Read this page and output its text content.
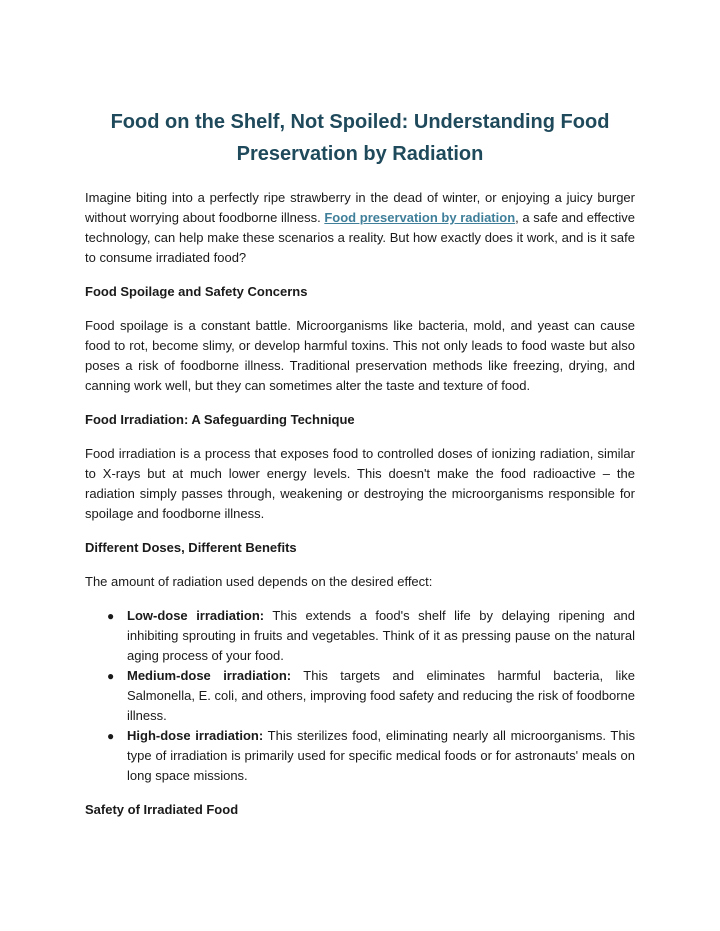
Food on the Shelf, Not Spoiled: Understanding Food Preservation by Radiation

Imagine biting into a perfectly ripe strawberry in the dead of winter, or enjoying a juicy burger without worrying about foodborne illness. Food preservation by radiation, a safe and effective technology, can help make these scenarios a reality. But how exactly does it work, and is it safe to consume irradiated food?

Food Spoilage and Safety Concerns

Food spoilage is a constant battle. Microorganisms like bacteria, mold, and yeast can cause food to rot, become slimy, or develop harmful toxins. This not only leads to food waste but also poses a risk of foodborne illness. Traditional preservation methods like freezing, drying, and canning work well, but they can sometimes alter the taste and texture of food.

Food Irradiation: A Safeguarding Technique

Food irradiation is a process that exposes food to controlled doses of ionizing radiation, similar to X-rays but at much lower energy levels. This doesn't make the food radioactive – the radiation simply passes through, weakening or destroying the microorganisms responsible for spoilage and foodborne illness.

Different Doses, Different Benefits

The amount of radiation used depends on the desired effect:

● Low-dose irradiation: This extends a food's shelf life by delaying ripening and inhibiting sprouting in fruits and vegetables. Think of it as pressing pause on the natural aging process of your food.
● Medium-dose irradiation: This targets and eliminates harmful bacteria, like Salmonella, E. coli, and others, improving food safety and reducing the risk of foodborne illness.
● High-dose irradiation: This sterilizes food, eliminating nearly all microorganisms. This type of irradiation is primarily used for specific medical foods or for astronauts' meals on long space missions.
Safety of Irradiated Food
